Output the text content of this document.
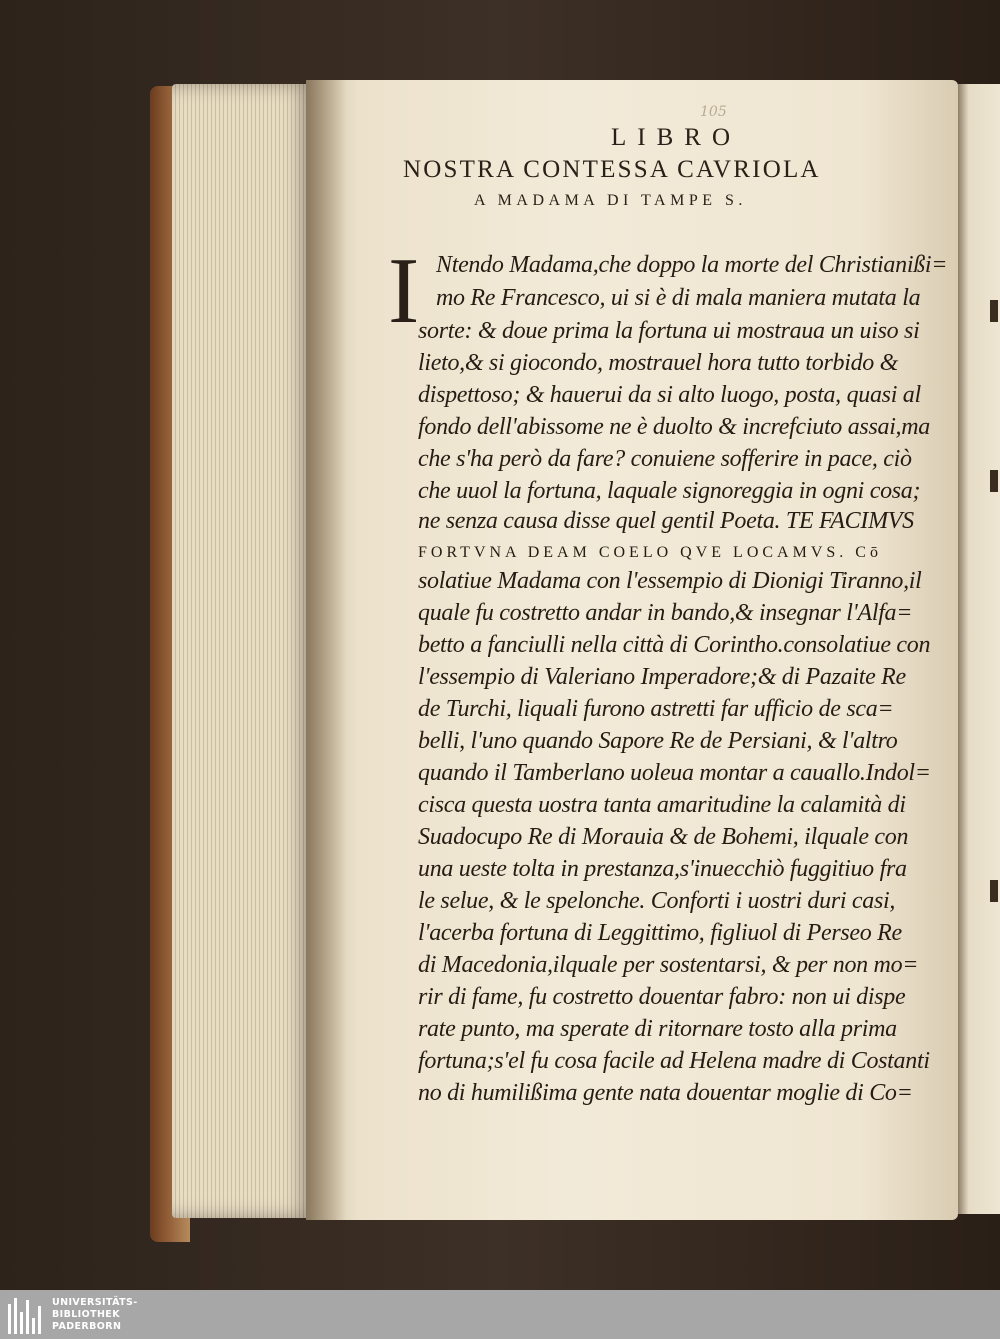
105
LIBRO
NOSTRA CONTESSA CAVRIOLA
A MADAMA DI TAMPE S.
I Ntendo Madama,che doppo la morte del Christianißi=
mo Re Francesco, ui si è di mala maniera mutata la
sorte: & doue prima la fortuna ui mostraua un uiso si
lieto,& si giocondo, mostrauel hora tutto torbido &
dispettoso; & hauerui da si alto luogo, posta, quasi al
fondo dell'abissome ne è duolto & increfciuto assai,ma
che s'ha però da fare? conuiene sofferire in pace, ciò
che uuol la fortuna, laquale signoreggia in ogni cosa;
ne senza causa disse quel gentil Poeta. TE FACIMVS
FORTVNA DEAM COELO QVE LOCAMVS. Cō
solatiue Madama con l'essempio di Dionigi Tiranno,il
quale fu costretto andar in bando,& insegnar l'Alfa=
betto a fanciulli nella città di Corintho.consolatiue con
l'essempio di Valeriano Imperadore;& di Pazaite Re
de Turchi, liquali furono astretti far ufficio de sca=
belli, l'uno quando Sapore Re de Persiani, & l'altro
quando il Tamberlano uoleua montar a cauallo.Indol=
cisca questa uostra tanta amaritudine la calamità di
Suadocupo Re di Morauia & de Bohemi, ilquale con
una ueste tolta in prestanza,s'inuecchiò fuggitiuo fra
le selue, & le spelonche. Conforti i uostri duri casi,
l'acerba fortuna di Leggittimo, figliuol di Perseo Re
di Macedonia,ilquale per sostentarsi, & per non mo=
rir di fame, fu costretto douentar fabro: non ui dispe
rate punto, ma sperate di ritornare tosto alla prima
fortuna;s'el fu cosa facile ad Helena madre di Costanti
no di humilißima gente nata douentar moglie di Co=
UNIVERSITÄTS-
BIBLIOTHEK
PADERBORN
